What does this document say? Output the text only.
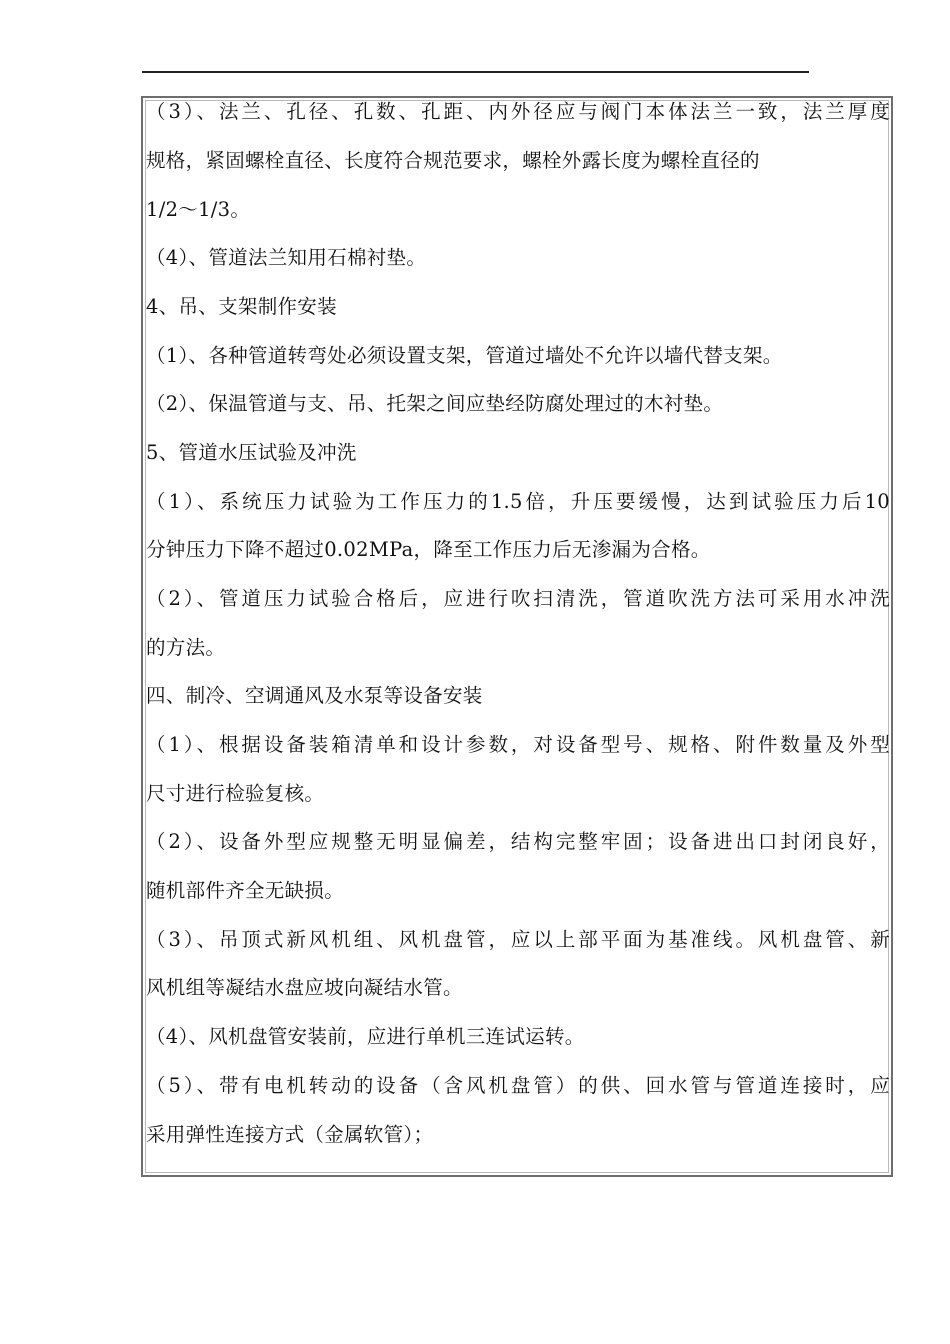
（3）、法兰、孔径、孔数、孔距、内外径应与阀门本体法兰一致，法兰厚度
规格，紧固螺栓直径、长度符合规范要求，螺栓外露长度为螺栓直径的
1/2～1/3。
（4）、管道法兰知用石棉衬垫。
4、吊、支架制作安装
（1）、各种管道转弯处必须设置支架，管道过墙处不允许以墙代替支架。
（2）、保温管道与支、吊、托架之间应垫经防腐处理过的木衬垫。
5、管道水压试验及冲洗
（1）、系统压力试验为工作压力的1.5倍，升压要缓慢，达到试验压力后10
分钟压力下降不超过0.02MPa，降至工作压力后无渗漏为合格。
（2）、管道压力试验合格后，应进行吹扫清洗，管道吹洗方法可采用水冲洗
的方法。
四、制冷、空调通风及水泵等设备安装
（1）、根据设备装箱清单和设计参数，对设备型号、规格、附件数量及外型
尺寸进行检验复核。
（2）、设备外型应规整无明显偏差，结构完整牢固；设备进出口封闭良好，
随机部件齐全无缺损。
（3）、吊顶式新风机组、风机盘管，应以上部平面为基准线。风机盘管、新
风机组等凝结水盘应坡向凝结水管。
（4）、风机盘管安装前，应进行单机三连试运转。
（5）、带有电机转动的设备（含风机盘管）的供、回水管与管道连接时，应
采用弹性连接方式（金属软管）；
